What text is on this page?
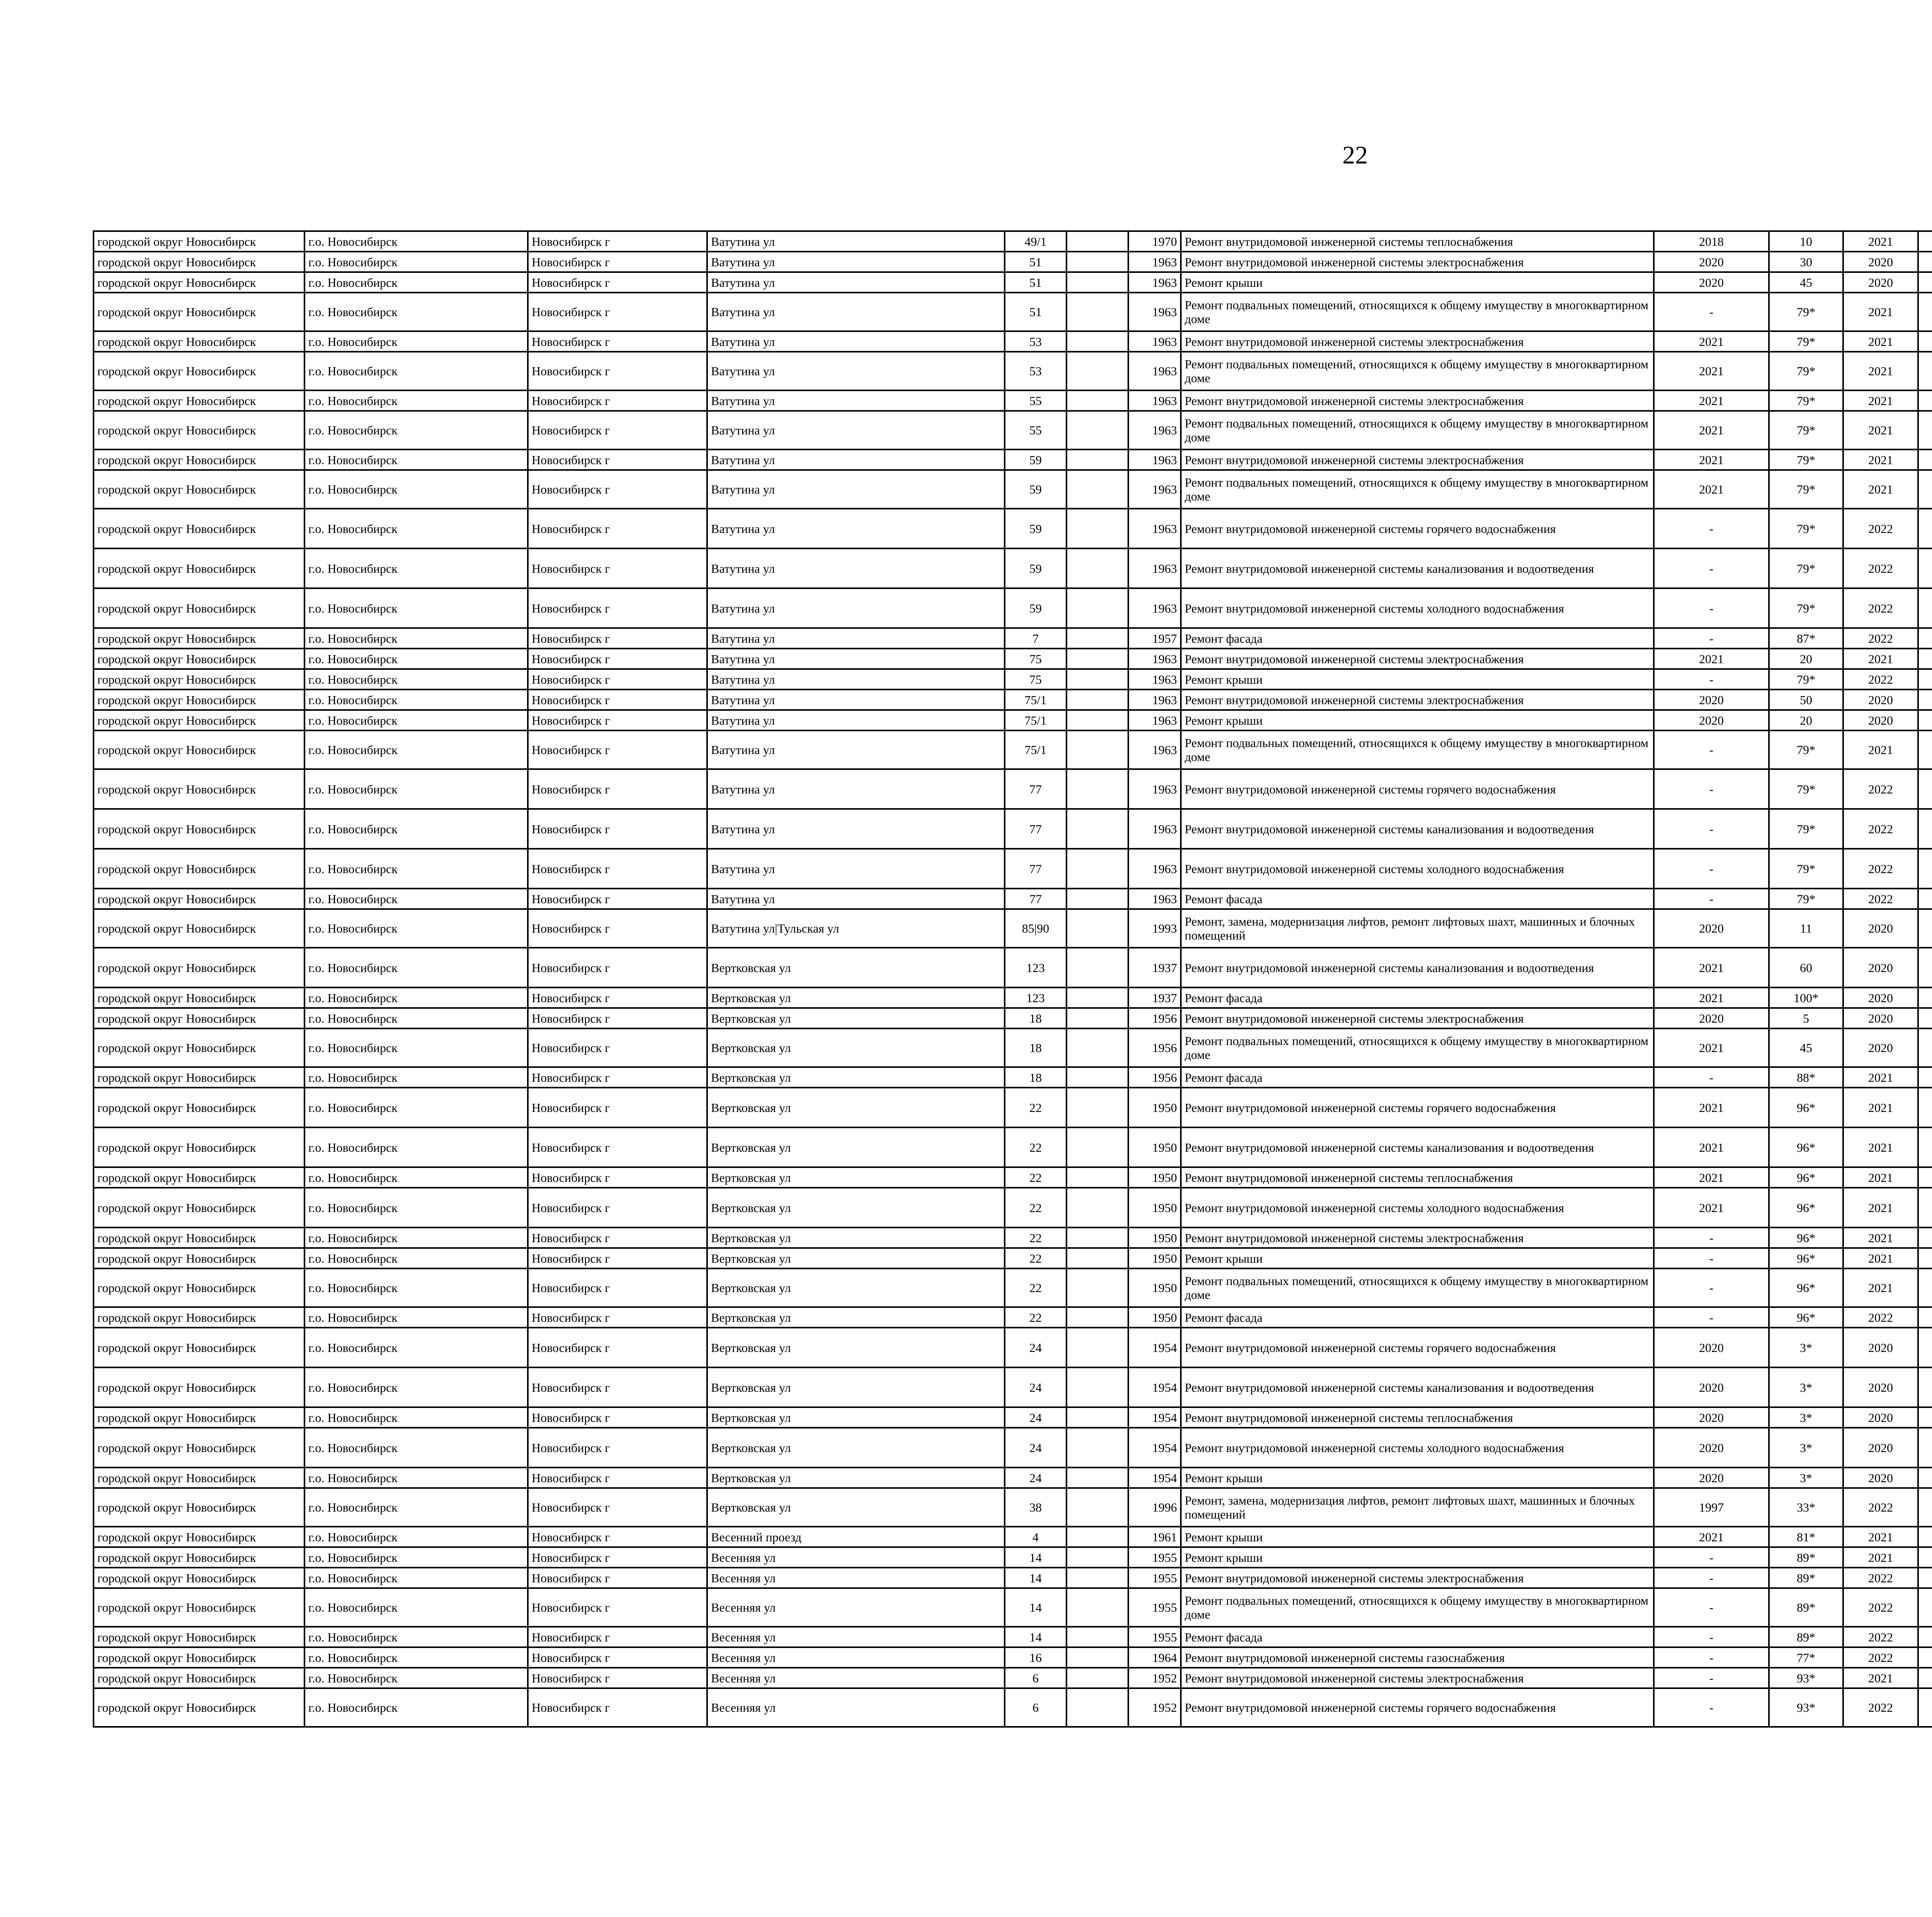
22
городской округ Новосибирск	г.о. Новосибирск	Новосибирск г	Ватутина ул	49/1		1970	Ремонт внутридомовой инженерной системы теплоснабжения	2018	10	2021						
городской округ Новосибирск	г.о. Новосибирск	Новосибирск г	Ватутина ул	51		1963	Ремонт внутридомовой инженерной системы электроснабжения	2020	30	2020						
городской округ Новосибирск	г.о. Новосибирск	Новосибирск г	Ватутина ул	51		1963	Ремонт крыши	2020	45	2020						
городской округ Новосибирск	г.о. Новосибирск	Новосибирск г	Ватутина ул	51		1963	Ремонт подвальных помещений, относящихся к общему имуществу в многоквартирном доме	-	79*	2021						
городской округ Новосибирск	г.о. Новосибирск	Новосибирск г	Ватутина ул	53		1963	Ремонт внутридомовой инженерной системы электроснабжения	2021	79*	2021						
городской округ Новосибирск	г.о. Новосибирск	Новосибирск г	Ватутина ул	53		1963	Ремонт подвальных помещений, относящихся к общему имуществу в многоквартирном доме	2021	79*	2021						
городской округ Новосибирск	г.о. Новосибирск	Новосибирск г	Ватутина ул	55		1963	Ремонт внутридомовой инженерной системы электроснабжения	2021	79*	2021						
городской округ Новосибирск	г.о. Новосибирск	Новосибирск г	Ватутина ул	55		1963	Ремонт подвальных помещений, относящихся к общему имуществу в многоквартирном доме	2021	79*	2021						
городской округ Новосибирск	г.о. Новосибирск	Новосибирск г	Ватутина ул	59		1963	Ремонт внутридомовой инженерной системы электроснабжения	2021	79*	2021						
городской округ Новосибирск	г.о. Новосибирск	Новосибирск г	Ватутина ул	59		1963	Ремонт подвальных помещений, относящихся к общему имуществу в многоквартирном доме	2021	79*	2021						
городской округ Новосибирск	г.о. Новосибирск	Новосибирск г	Ватутина ул	59		1963	Ремонт внутридомовой инженерной системы горячего водоснабжения	-	79*	2022						
городской округ Новосибирск	г.о. Новосибирск	Новосибирск г	Ватутина ул	59		1963	Ремонт внутридомовой инженерной системы канализования и водоотведения	-	79*	2022						
городской округ Новосибирск	г.о. Новосибирск	Новосибирск г	Ватутина ул	59		1963	Ремонт внутридомовой инженерной системы холодного водоснабжения	-	79*	2022						
городской округ Новосибирск	г.о. Новосибирск	Новосибирск г	Ватутина ул	7		1957	Ремонт фасада	-	87*	2022						
городской округ Новосибирск	г.о. Новосибирск	Новосибирск г	Ватутина ул	75		1963	Ремонт внутридомовой инженерной системы электроснабжения	2021	20	2021						
городской округ Новосибирск	г.о. Новосибирск	Новосибирск г	Ватутина ул	75		1963	Ремонт крыши	-	79*	2022						
городской округ Новосибирск	г.о. Новосибирск	Новосибирск г	Ватутина ул	75/1		1963	Ремонт внутридомовой инженерной системы электроснабжения	2020	50	2020						
городской округ Новосибирск	г.о. Новосибирск	Новосибирск г	Ватутина ул	75/1		1963	Ремонт крыши	2020	20	2020						
городской округ Новосибирск	г.о. Новосибирск	Новосибирск г	Ватутина ул	75/1		1963	Ремонт подвальных помещений, относящихся к общему имуществу в многоквартирном доме	-	79*	2021						
городской округ Новосибирск	г.о. Новосибирск	Новосибирск г	Ватутина ул	77		1963	Ремонт внутридомовой инженерной системы горячего водоснабжения	-	79*	2022						
городской округ Новосибирск	г.о. Новосибирск	Новосибирск г	Ватутина ул	77		1963	Ремонт внутридомовой инженерной системы канализования и водоотведения	-	79*	2022						
городской округ Новосибирск	г.о. Новосибирск	Новосибирск г	Ватутина ул	77		1963	Ремонт внутридомовой инженерной системы холодного водоснабжения	-	79*	2022						
городской округ Новосибирск	г.о. Новосибирск	Новосибирск г	Ватутина ул	77		1963	Ремонт фасада	-	79*	2022						
городской округ Новосибирск	г.о. Новосибирск	Новосибирск г	Ватутина ул|Тульская ул	85|90		1993	Ремонт, замена, модернизация лифтов, ремонт лифтовых шахт, машинных и блочных помещений	2020	11	2020						
городской округ Новосибирск	г.о. Новосибирск	Новосибирск г	Вертковская ул	123		1937	Ремонт внутридомовой инженерной системы канализования и водоотведения	2021	60	2020						
городской округ Новосибирск	г.о. Новосибирск	Новосибирск г	Вертковская ул	123		1937	Ремонт фасада	2021	100*	2020						
городской округ Новосибирск	г.о. Новосибирск	Новосибирск г	Вертковская ул	18		1956	Ремонт внутридомовой инженерной системы электроснабжения	2020	5	2020						
городской округ Новосибирск	г.о. Новосибирск	Новосибирск г	Вертковская ул	18		1956	Ремонт подвальных помещений, относящихся к общему имуществу в многоквартирном доме	2021	45	2020						
городской округ Новосибирск	г.о. Новосибирск	Новосибирск г	Вертковская ул	18		1956	Ремонт фасада	-	88*	2021						
городской округ Новосибирск	г.о. Новосибирск	Новосибирск г	Вертковская ул	22		1950	Ремонт внутридомовой инженерной системы горячего водоснабжения	2021	96*	2021						
городской округ Новосибирск	г.о. Новосибирск	Новосибирск г	Вертковская ул	22		1950	Ремонт внутридомовой инженерной системы канализования и водоотведения	2021	96*	2021						
городской округ Новосибирск	г.о. Новосибирск	Новосибирск г	Вертковская ул	22		1950	Ремонт внутридомовой инженерной системы теплоснабжения	2021	96*	2021						
городской округ Новосибирск	г.о. Новосибирск	Новосибирск г	Вертковская ул	22		1950	Ремонт внутридомовой инженерной системы холодного водоснабжения	2021	96*	2021						
городской округ Новосибирск	г.о. Новосибирск	Новосибирск г	Вертковская ул	22		1950	Ремонт внутридомовой инженерной системы электроснабжения	-	96*	2021						
городской округ Новосибирск	г.о. Новосибирск	Новосибирск г	Вертковская ул	22		1950	Ремонт крыши	-	96*	2021						
городской округ Новосибирск	г.о. Новосибирск	Новосибирск г	Вертковская ул	22		1950	Ремонт подвальных помещений, относящихся к общему имуществу в многоквартирном доме	-	96*	2021						
городской округ Новосибирск	г.о. Новосибирск	Новосибирск г	Вертковская ул	22		1950	Ремонт фасада	-	96*	2022						
городской округ Новосибирск	г.о. Новосибирск	Новосибирск г	Вертковская ул	24		1954	Ремонт внутридомовой инженерной системы горячего водоснабжения	2020	3*	2020						
городской округ Новосибирск	г.о. Новосибирск	Новосибирск г	Вертковская ул	24		1954	Ремонт внутридомовой инженерной системы канализования и водоотведения	2020	3*	2020						
городской округ Новосибирск	г.о. Новосибирск	Новосибирск г	Вертковская ул	24		1954	Ремонт внутридомовой инженерной системы теплоснабжения	2020	3*	2020						
городской округ Новосибирск	г.о. Новосибирск	Новосибирск г	Вертковская ул	24		1954	Ремонт внутридомовой инженерной системы холодного водоснабжения	2020	3*	2020						
городской округ Новосибирск	г.о. Новосибирск	Новосибирск г	Вертковская ул	24		1954	Ремонт крыши	2020	3*	2020						
городской округ Новосибирск	г.о. Новосибирск	Новосибирск г	Вертковская ул	38		1996	Ремонт, замена, модернизация лифтов, ремонт лифтовых шахт, машинных и блочных помещений	1997	33*	2022						
городской округ Новосибирск	г.о. Новосибирск	Новосибирск г	Весенний проезд	4		1961	Ремонт крыши	2021	81*	2021						
городской округ Новосибирск	г.о. Новосибирск	Новосибирск г	Весенняя ул	14		1955	Ремонт крыши	-	89*	2021						
городской округ Новосибирск	г.о. Новосибирск	Новосибирск г	Весенняя ул	14		1955	Ремонт внутридомовой инженерной системы электроснабжения	-	89*	2022						
городской округ Новосибирск	г.о. Новосибирск	Новосибирск г	Весенняя ул	14		1955	Ремонт подвальных помещений, относящихся к общему имуществу в многоквартирном доме	-	89*	2022						
городской округ Новосибирск	г.о. Новосибирск	Новосибирск г	Весенняя ул	14		1955	Ремонт фасада	-	89*	2022						
городской округ Новосибирск	г.о. Новосибирск	Новосибирск г	Весенняя ул	16		1964	Ремонт внутридомовой инженерной системы газоснабжения	-	77*	2022						
городской округ Новосибирск	г.о. Новосибирск	Новосибирск г	Весенняя ул	6		1952	Ремонт внутридомовой инженерной системы электроснабжения	-	93*	2021						
городской округ Новосибирск	г.о. Новосибирск	Новосибирск г	Весенняя ул	6		1952	Ремонт внутридомовой инженерной системы горячего водоснабжения	-	93*	2022						
